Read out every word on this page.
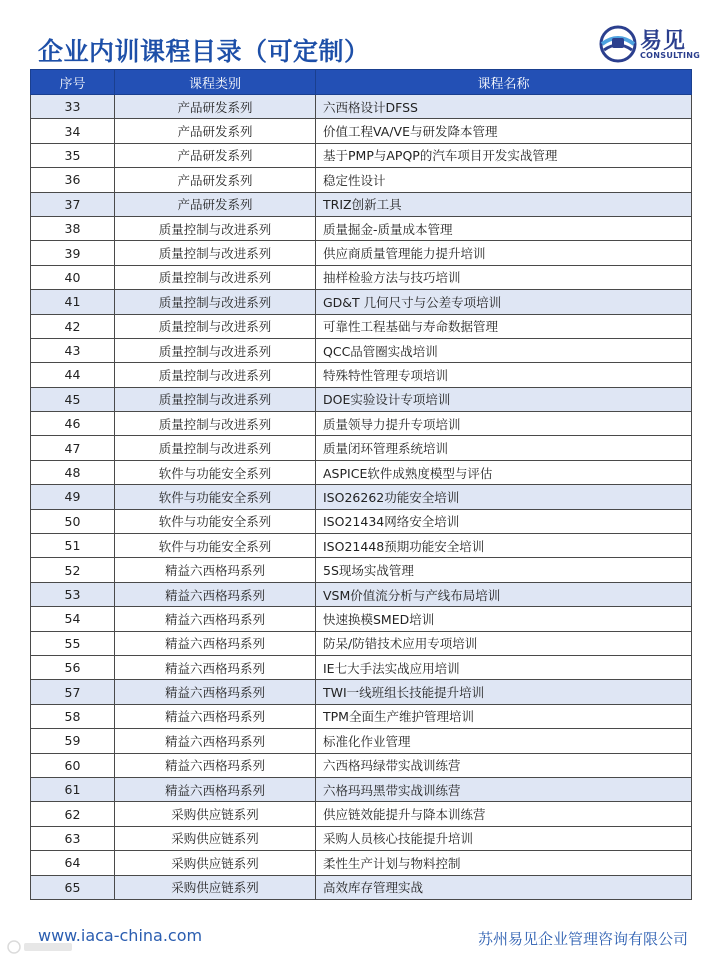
企业内训课程目录（可定制）	易见
CONSULTING
序号	课程类别	课程名称
33	产品研发系列	六西格设计DFSS
34	产品研发系列	价值工程VA/VE与研发降本管理
35	产品研发系列	基于PMP与APQP的汽车项目开发实战管理
36	产品研发系列	稳定性设计
37	产品研发系列	TRIZ创新工具
38	质量控制与改进系列	质量掘金-质量成本管理
39	质量控制与改进系列	供应商质量管理能力提升培训
40	质量控制与改进系列	抽样检验方法与技巧培训
41	质量控制与改进系列	GD&T 几何尺寸与公差专项培训
42	质量控制与改进系列	可靠性工程基础与寿命数据管理
43	质量控制与改进系列	QCC品管圈实战培训
44	质量控制与改进系列	特殊特性管理专项培训
45	质量控制与改进系列	DOE实验设计专项培训
46	质量控制与改进系列	质量领导力提升专项培训
47	质量控制与改进系列	质量闭环管理系统培训
48	软件与功能安全系列	ASPICE软件成熟度模型与评估
49	软件与功能安全系列	ISO26262功能安全培训
50	软件与功能安全系列	ISO21434网络安全培训
51	软件与功能安全系列	ISO21448预期功能安全培训
52	精益六西格玛系列	5S现场实战管理
53	精益六西格玛系列	VSM价值流分析与产线布局培训
54	精益六西格玛系列	快速换模SMED培训
55	精益六西格玛系列	防呆/防错技术应用专项培训
56	精益六西格玛系列	IE七大手法实战应用培训
57	精益六西格玛系列	TWI一线班组长技能提升培训
58	精益六西格玛系列	TPM全面生产维护管理培训
59	精益六西格玛系列	标准化作业管理
60	精益六西格玛系列	六西格玛绿带实战训练营
61	精益六西格玛系列	六格玛玛黑带实战训练营
62	采购供应链系列	供应链效能提升与降本训练营
63	采购供应链系列	采购人员核心技能提升培训
64	采购供应链系列	柔性生产计划与物料控制
65	采购供应链系列	高效库存管理实战
www.iaca-china.com	苏州易见企业管理咨询有限公司
